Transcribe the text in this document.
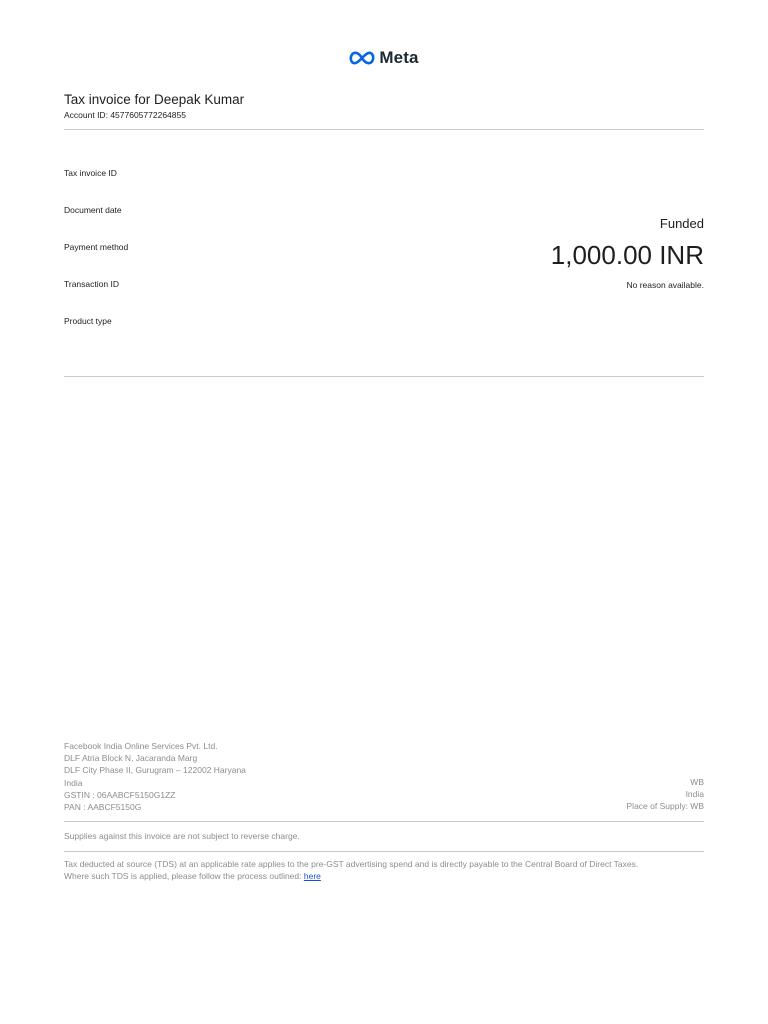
Meta
Tax invoice for Deepak Kumar
Account ID: 4577605772264855
Tax invoice ID
Document date
Payment method
Transaction ID
Product type
Funded
1,000.00 INR
No reason available.
Facebook India Online Services Pvt. Ltd.
DLF Atria Block N, Jacaranda Marg
DLF City Phase II, Gurugram – 122002 Haryana
India
GSTIN : 06AABCF5150G1ZZ
PAN : AABCF5150G
WB
India
Place of Supply: WB
Supplies against this invoice are not subject to reverse charge.
Tax deducted at source (TDS) at an applicable rate applies to the pre-GST advertising spend and is directly payable to the Central Board of Direct Taxes.
Where such TDS is applied, please follow the process outlined: here
